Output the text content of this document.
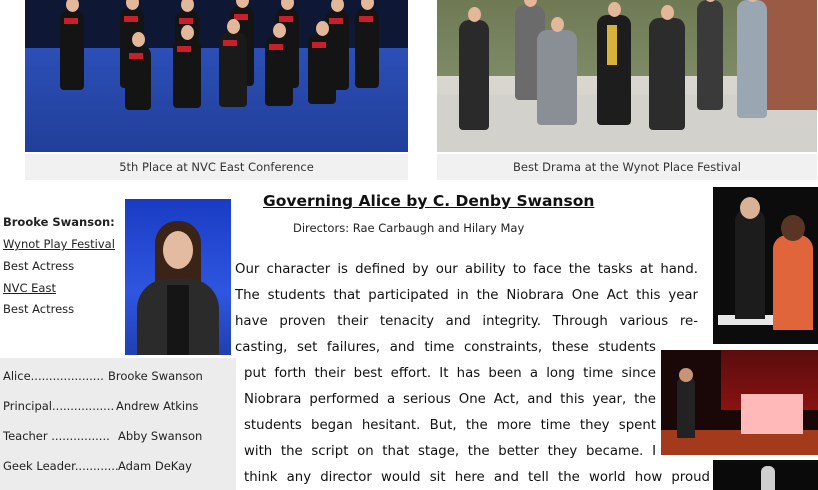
5th Place at NVC East Conference	Best Drama at the Wynot Place Festival
Governing Alice by C. Denby Swanson
Directors: Rae Carbaugh and Hilary May
Brooke Swanson:
Wynot Play Festival
Best Actress
NVC East
Best Actress
Alice.................... Brooke Swanson
Principal................. Andrew Atkins
Teacher ................ Abby Swanson
Geek Leader............ Adam DeKay
Our character is defined by our ability to face the tasks at hand.
The students that participated in the Niobrara One Act this year
have proven their tenacity and integrity. Through various re-
casting, set failures, and time constraints, these students
put forth their best effort. It has been a long time since
Niobrara performed a serious One Act, and this year, the
students began hesitant. But, the more time they spent
with the script on that stage, the better they became. I
think any director would sit here and tell the world how proud
